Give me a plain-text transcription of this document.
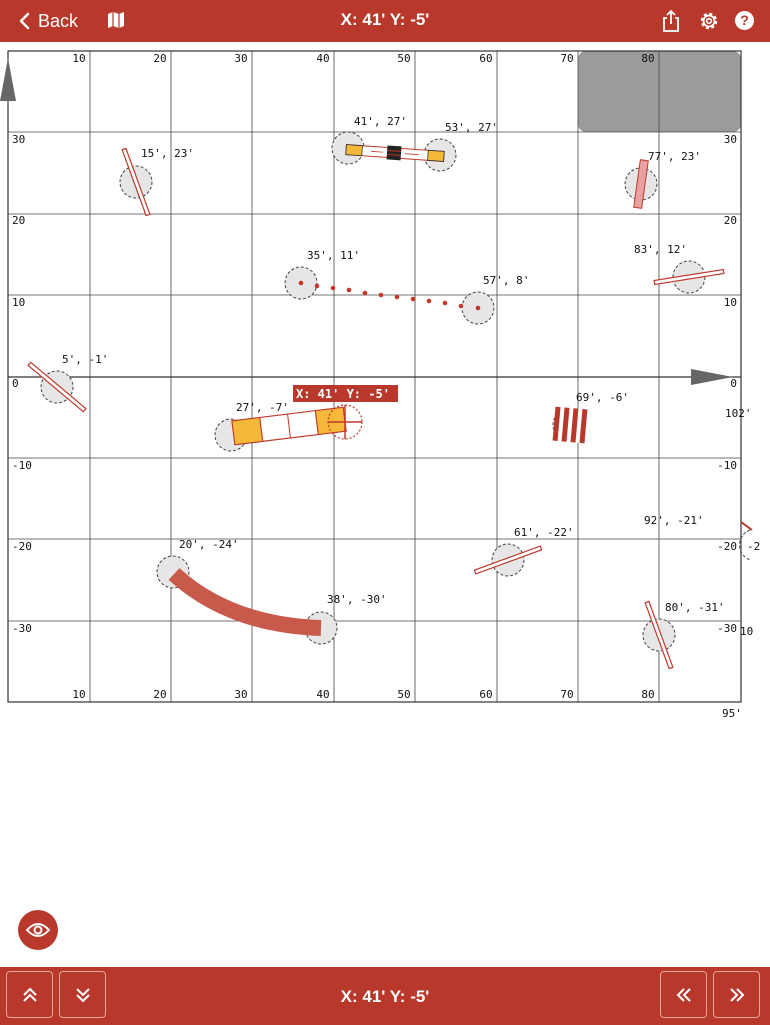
Back	X: 41' Y: -5'	?
10	20	30	40	50	60	70	80
10	20	30	40	50	60	70	80
30
20
10
0
-10
-20
-30
30
20
10
0
-10
-20
-30
X: 41' Y: -5'
15', 23'
41', 27'	53', 27'
77', 23'
35', 11'
57', 8'
83', 12'
5', -1'
27', -7'
69', -6'
61', -22'
92', -21'
20', -24'
38', -30'
80', -31'
102'
10
-2
95'
X: 41' Y: -5'
